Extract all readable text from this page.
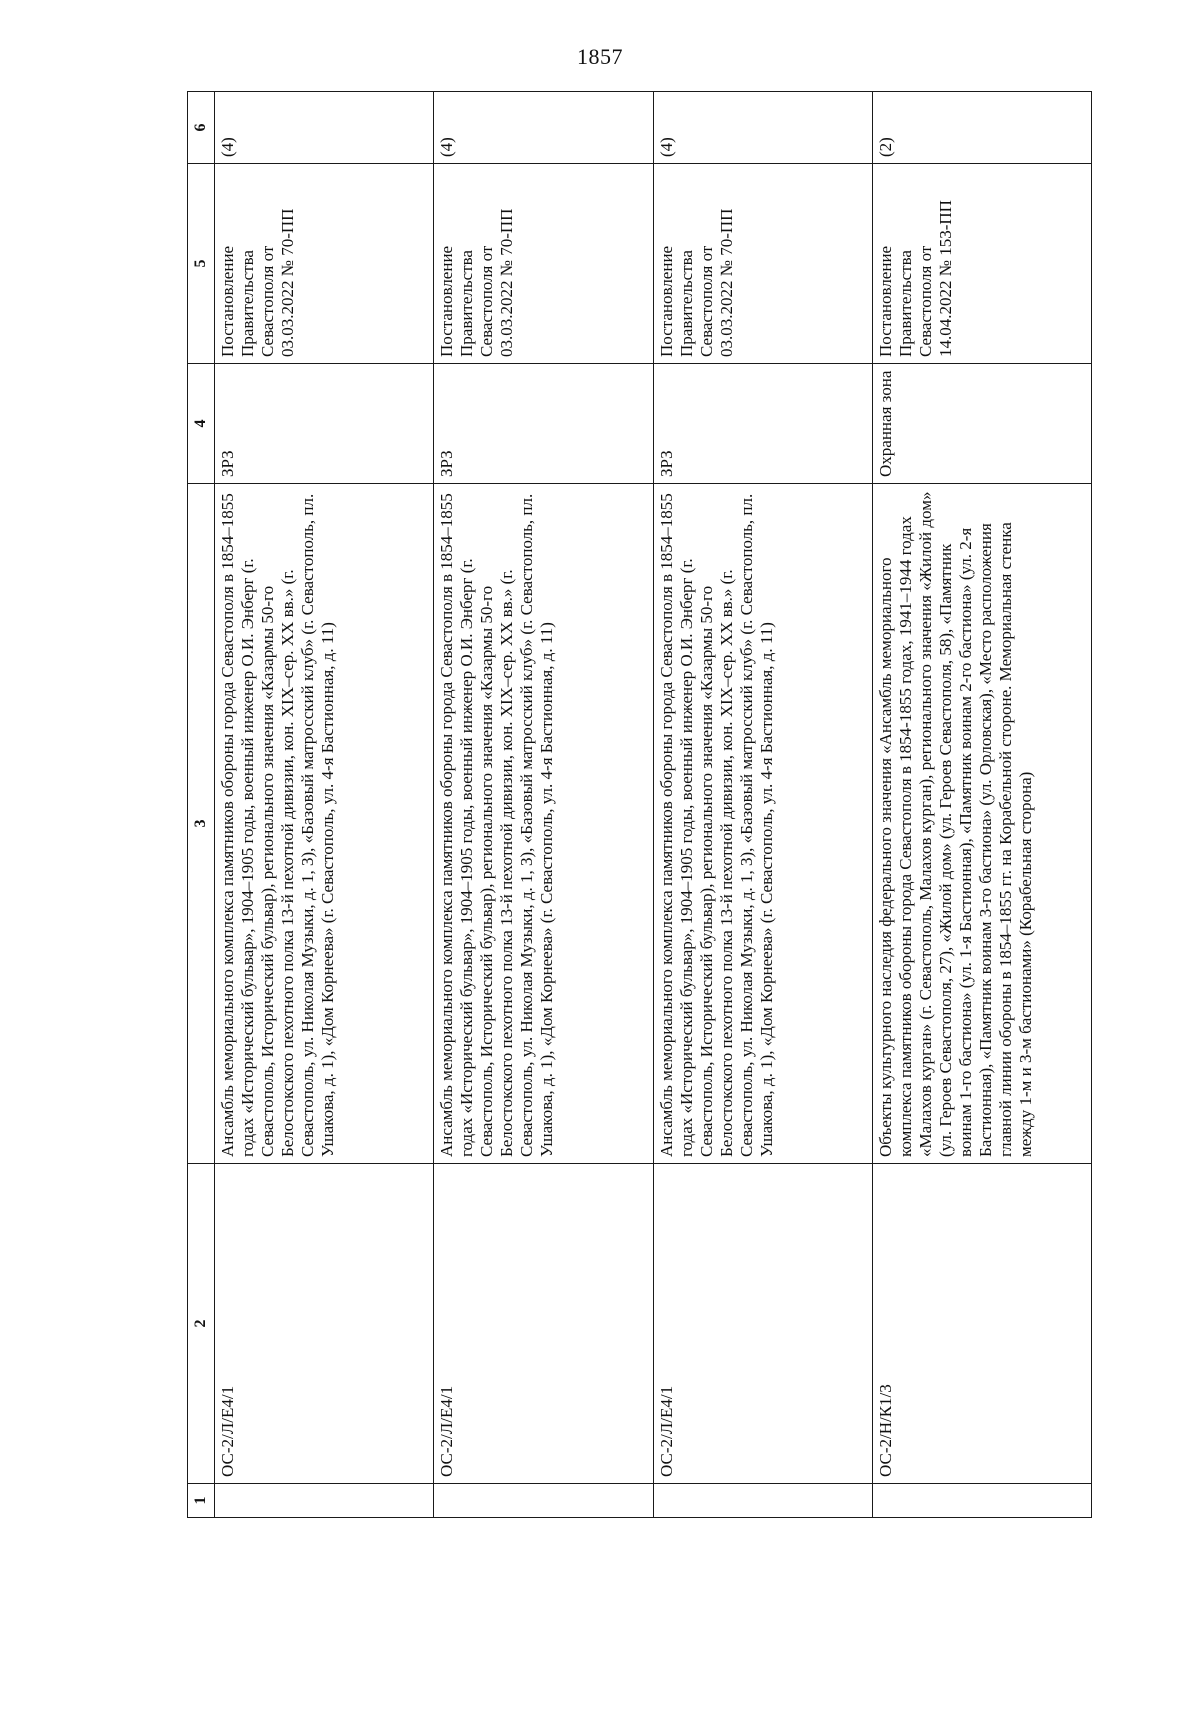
1857
1	2	3	4	5	6
	ОС-2/Л/Е4/1	Ансамбль мемориального комплекса памятников обороны города Севастополя в 1854–1855 годах «Исторический бульвар», 1904–1905 годы, военный инженер О.И. Энберг (г. Севастополь, Исторический бульвар), регионального значения «Казармы 50-го Белостокского пехотного полка 13-й пехотной дивизии, кон. XIX–сер. XX вв.» (г. Севастополь, ул. Николая Музыки, д. 1, 3), «Базовый матросский клуб» (г. Севастополь, пл. Ушакова, д. 1), «Дом Корнеева» (г. Севастополь, ул. 4-я Бастионная, д. 11)	ЗРЗ	Постановление Правительства Севастополя от 03.03.2022 № 70-ПП	(4)
	ОС-2/Л/Е4/1	Ансамбль мемориального комплекса памятников обороны города Севастополя в 1854–1855 годах «Исторический бульвар», 1904–1905 годы, военный инженер О.И. Энберг (г. Севастополь, Исторический бульвар), регионального значения «Казармы 50-го Белостокского пехотного полка 13-й пехотной дивизии, кон. XIX–сер. XX вв.» (г. Севастополь, ул. Николая Музыки, д. 1, 3), «Базовый матросский клуб» (г. Севастополь, пл. Ушакова, д. 1), «Дом Корнеева» (г. Севастополь, ул. 4-я Бастионная, д. 11)	ЗРЗ	Постановление Правительства Севастополя от 03.03.2022 № 70-ПП	(4)
	ОС-2/Л/Е4/1	Ансамбль мемориального комплекса памятников обороны города Севастополя в 1854–1855 годах «Исторический бульвар», 1904–1905 годы, военный инженер О.И. Энберг (г. Севастополь, Исторический бульвар), регионального значения «Казармы 50-го Белостокского пехотного полка 13-й пехотной дивизии, кон. XIX–сер. XX вв.» (г. Севастополь, ул. Николая Музыки, д. 1, 3), «Базовый матросский клуб» (г. Севастополь, пл. Ушакова, д. 1), «Дом Корнеева» (г. Севастополь, ул. 4-я Бастионная, д. 11)	ЗРЗ	Постановление Правительства Севастополя от 03.03.2022 № 70-ПП	(4)
	ОС-2/Н/К1/3	Объекты культурного наследия федерального значения «Ансамбль мемориального комплекса памятников обороны города Севастополя в 1854-1855 годах, 1941–1944 годах «Малахов курган» (г. Севастополь, Малахов курган), регионального значения «Жилой дом» (ул. Героев Севастополя, 27), «Жилой дом» (ул. Героев Севастополя, 58), «Памятник воинам 1-го бастиона» (ул. 1-я Бастионная), «Памятник воинам 2-го бастиона» (ул. 2-я Бастионная), «Памятник воинам 3-го бастиона» (ул. Орловская), «Место расположения главной линии обороны в 1854–1855 гг. на Корабельной стороне. Мемориальная стенка между 1-м и 3-м бастионами» (Корабельная сторона)	Охранная зона	Постановление Правительства Севастополя от 14.04.2022 № 153-ПП	(2)
